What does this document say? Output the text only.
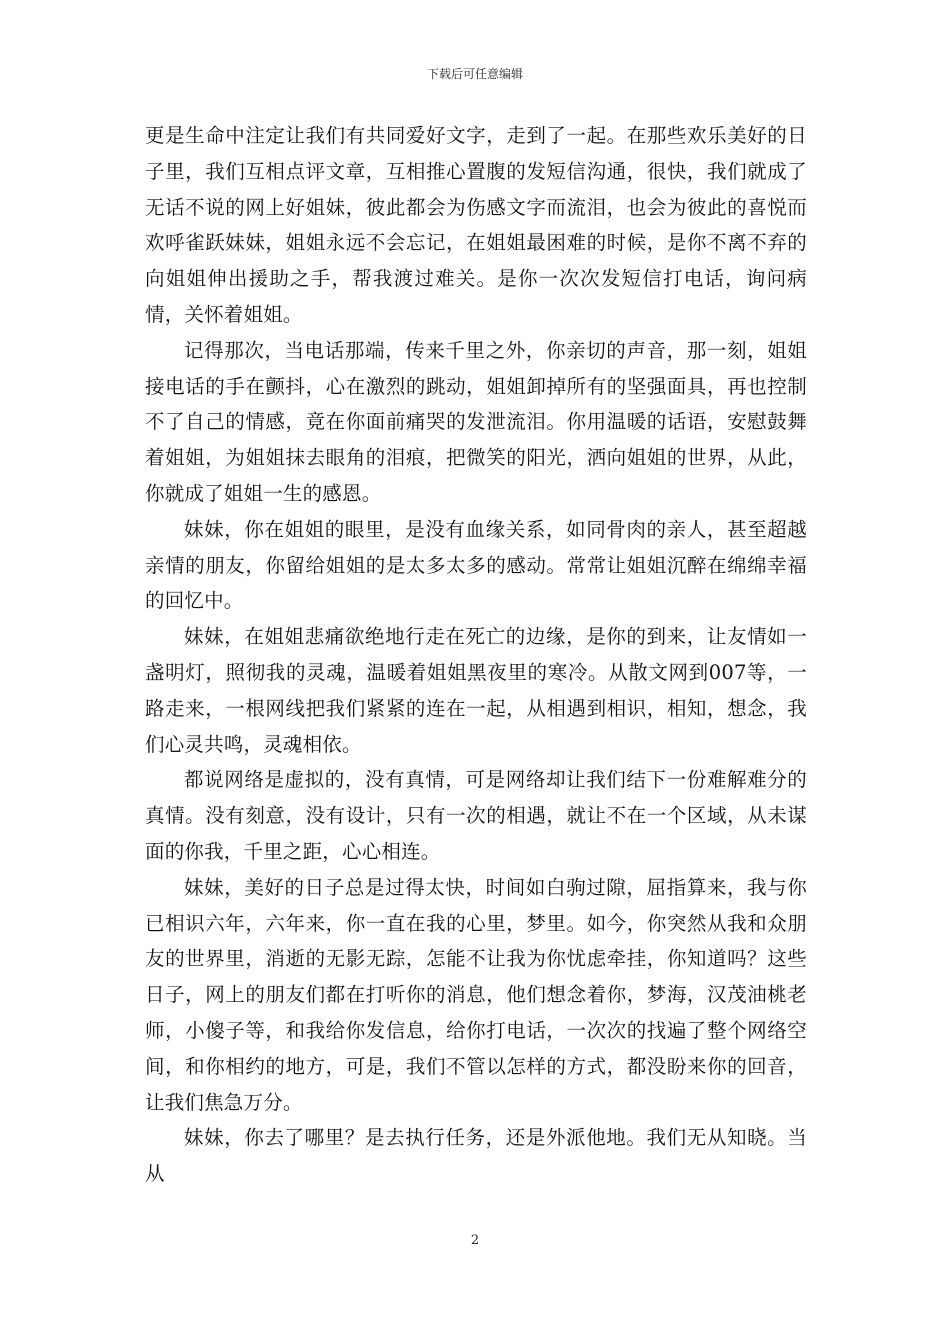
下载后可任意编辑

更是生命中注定让我们有共同爱好文字，走到了一起。在那些欢乐美好的日子里，我们互相点评文章，互相推心置腹的发短信沟通，很快，我们就成了无话不说的网上好姐妹，彼此都会为伤感文字而流泪，也会为彼此的喜悦而欢呼雀跃妹妹，姐姐永远不会忘记，在姐姐最困难的时候，是你不离不弃的向姐姐伸出援助之手，帮我渡过难关。是你一次次发短信打电话，询问病情，关怀着姐姐。

记得那次，当电话那端，传来千里之外，你亲切的声音，那一刻，姐姐接电话的手在颤抖，心在激烈的跳动，姐姐卸掉所有的坚强面具，再也控制不了自己的情感，竟在你面前痛哭的发泄流泪。你用温暖的话语，安慰鼓舞着姐姐，为姐姐抹去眼角的泪痕，把微笑的阳光，洒向姐姐的世界，从此，你就成了姐姐一生的感恩。

妹妹，你在姐姐的眼里，是没有血缘关系，如同骨肉的亲人，甚至超越亲情的朋友，你留给姐姐的是太多太多的感动。常常让姐姐沉醉在绵绵幸福的回忆中。

妹妹，在姐姐悲痛欲绝地行走在死亡的边缘，是你的到来，让友情如一盏明灯，照彻我的灵魂，温暖着姐姐黑夜里的寒冷。从散文网到007等，一路走来，一根网线把我们紧紧的连在一起，从相遇到相识，相知，想念，我们心灵共鸣，灵魂相依。

都说网络是虚拟的，没有真情，可是网络却让我们结下一份难解难分的真情。没有刻意，没有设计，只有一次的相遇，就让不在一个区域，从未谋面的你我，千里之距，心心相连。

妹妹，美好的日子总是过得太快，时间如白驹过隙，屈指算来，我与你已相识六年，六年来，你一直在我的心里，梦里。如今，你突然从我和众朋友的世界里，消逝的无影无踪，怎能不让我为你忧虑牵挂，你知道吗？这些日子，网上的朋友们都在打听你的消息，他们想念着你，梦海，汉茂油桃老师，小傻子等，和我给你发信息，给你打电话，一次次的找遍了整个网络空间，和你相约的地方，可是，我们不管以怎样的方式，都没盼来你的回音，让我们焦急万分。

妹妹，你去了哪里？是去执行任务，还是外派他地。我们无从知晓。当从

2
